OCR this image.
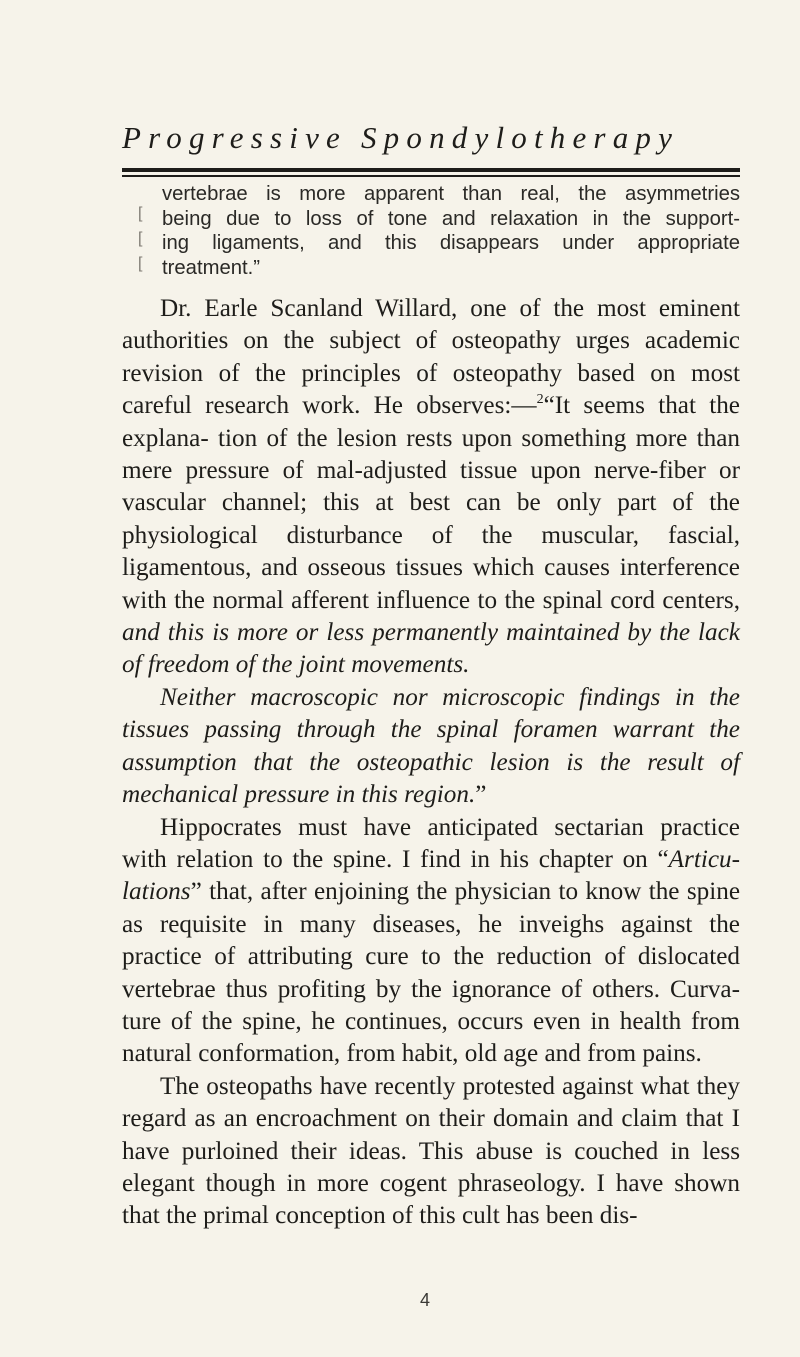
Progressive Spondylotherapy
[
[
[
vertebrae is more apparent than real, the asymmetries
being due to loss of tone and relaxation in the support-
ing ligaments, and this disappears under appropriate
treatment.”

Dr. Earle Scanland Willard, one of the most eminent authorities on the subject of osteopathy urges academic revision of the principles of osteopathy based on most careful research work. He observes:—$^2$“It seems that the explana- tion of the lesion rests upon something more than mere pressure of mal-adjusted tissue upon nerve-fiber or vascular channel; this at best can be only part of the physiological disturbance of the muscular, fascial, ligamentous, and osseous tissues which causes interference with the normal afferent influence to the spinal cord centers, and this is more or less permanently maintained by the lack of freedom of the joint movements.

Neither macroscopic nor microscopic findings in the tissues passing through the spinal foramen warrant the assumption that the osteopathic lesion is the result of mechanical pressure in this region.”

Hippocrates must have anticipated sectarian practice with relation to the spine. I find in his chapter on “Articu- lations” that, after enjoining the physician to know the spine as requisite in many diseases, he inveighs against the practice of attributing cure to the reduction of dislocated vertebrae thus profiting by the ignorance of others. Curva- ture of the spine, he continues, occurs even in health from natural conformation, from habit, old age and from pains.

The osteopaths have recently protested against what they regard as an encroachment on their domain and claim that I have purloined their ideas. This abuse is couched in less elegant though in more cogent phraseology. I have shown that the primal conception of this cult has been dis-

4
